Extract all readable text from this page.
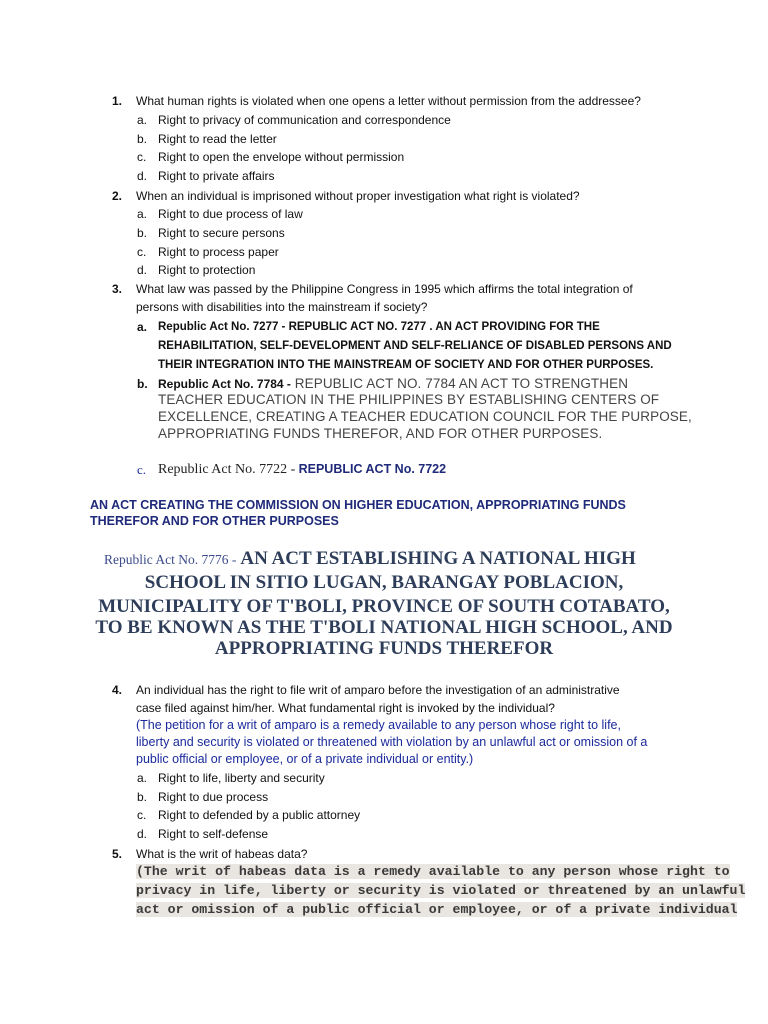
1. What human rights is violated when one opens a letter without permission from the addressee?
a. Right to privacy of communication and correspondence
b. Right to read the letter
c. Right to open the envelope without permission
d. Right to private affairs
2. When an individual is imprisoned without proper investigation what right is violated?
a. Right to due process of law
b. Right to secure persons
c. Right to process paper
d. Right to protection
3. What law was passed by the Philippine Congress in 1995 which affirms the total integration of
persons with disabilities into the mainstream if society?
a. Republic Act No. 7277 - REPUBLIC ACT NO. 7277 . AN ACT PROVIDING FOR THE
REHABILITATION, SELF-DEVELOPMENT AND SELF-RELIANCE OF DISABLED PERSONS AND
THEIR INTEGRATION INTO THE MAINSTREAM OF SOCIETY AND FOR OTHER PURPOSES.
b. Republic Act No. 7784 - REPUBLIC ACT NO. 7784 AN ACT TO STRENGTHEN
TEACHER EDUCATION IN THE PHILIPPINES BY ESTABLISHING CENTERS OF
EXCELLENCE, CREATING A TEACHER EDUCATION COUNCIL FOR THE PURPOSE,
APPROPRIATING FUNDS THEREFOR, AND FOR OTHER PURPOSES.
c. Republic Act No. 7722 - REPUBLIC ACT No. 7722
AN ACT CREATING THE COMMISSION ON HIGHER EDUCATION, APPROPRIATING FUNDS
THEREFOR AND FOR OTHER PURPOSES
Republic Act No. 7776 - AN ACT ESTABLISHING A NATIONAL HIGH
SCHOOL IN SITIO LUGAN, BARANGAY POBLACION,
MUNICIPALITY OF T'BOLI, PROVINCE OF SOUTH COTABATO,
TO BE KNOWN AS THE T'BOLI NATIONAL HIGH SCHOOL, AND
APPROPRIATING FUNDS THEREFOR
4. An individual has the right to file writ of amparo before the investigation of an administrative
case filed against him/her. What fundamental right is invoked by the individual?
(The petition for a writ of amparo is a remedy available to any person whose right to life,
liberty and security is violated or threatened with violation by an unlawful act or omission of a
public official or employee, or of a private individual or entity.)
a. Right to life, liberty and security
b. Right to due process
c. Right to defended by a public attorney
d. Right to self-defense
5. What is the writ of habeas data?
(The writ of habeas data is a remedy available to any person whose right to
privacy in life, liberty or security is violated or threatened by an unlawful
act or omission of a public official or employee, or of a private individual
